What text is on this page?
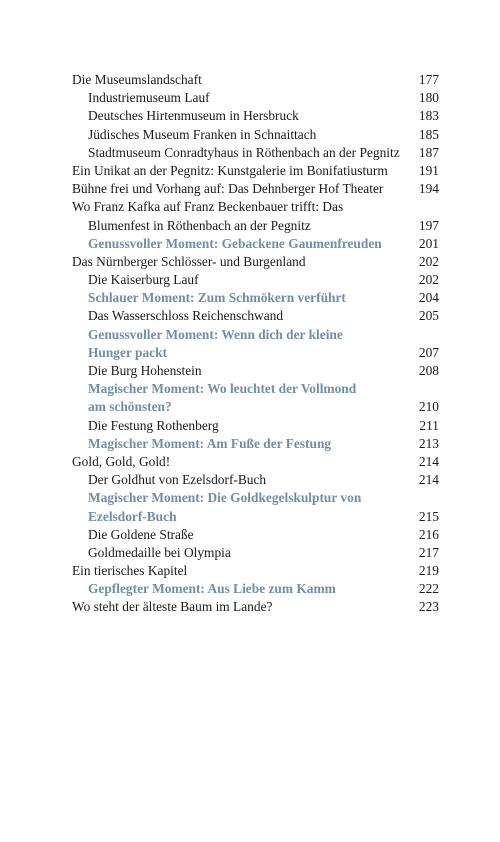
Die Museumslandschaft	177
Industriemuseum Lauf	180
Deutsches Hirtenmuseum in Hersbruck	183
Jüdisches Museum Franken in Schnaittach	185
Stadtmuseum Conradtyhaus in Röthenbach an der Pegnitz 187
Ein Unikat an der Pegnitz: Kunstgalerie im Bonifatiusturm 191
Bühne frei und Vorhang auf: Das Dehnberger Hof Theater	194
Wo Franz Kafka auf Franz Beckenbauer trifft: Das
Blumenfest in Röthenbach an der Pegnitz	197
Genussvoller Moment: Gebackene Gaumenfreuden	201
Das Nürnberger Schlösser- und Burgenland	202
Die Kaiserburg Lauf	202
Schlauer Moment: Zum Schmökern verführt	204
Das Wasserschloss Reichenschwand	205
Genussvoller Moment: Wenn dich der kleine
Hunger packt	207
Die Burg Hohenstein	208
Magischer Moment: Wo leuchtet der Vollmond
am schönsten?	210
Die Festung Rothenberg	211
Magischer Moment: Am Fuße der Festung	213
Gold, Gold, Gold!	214
Der Goldhut von Ezelsdorf-Buch	214
Magischer Moment: Die Goldkegelskulptur von
Ezelsdorf-Buch	215
Die Goldene Straße	216
Goldmedaille bei Olympia	217
Ein tierisches Kapitel	219
Gepflegter Moment: Aus Liebe zum Kamm	222
Wo steht der älteste Baum im Lande?	223
